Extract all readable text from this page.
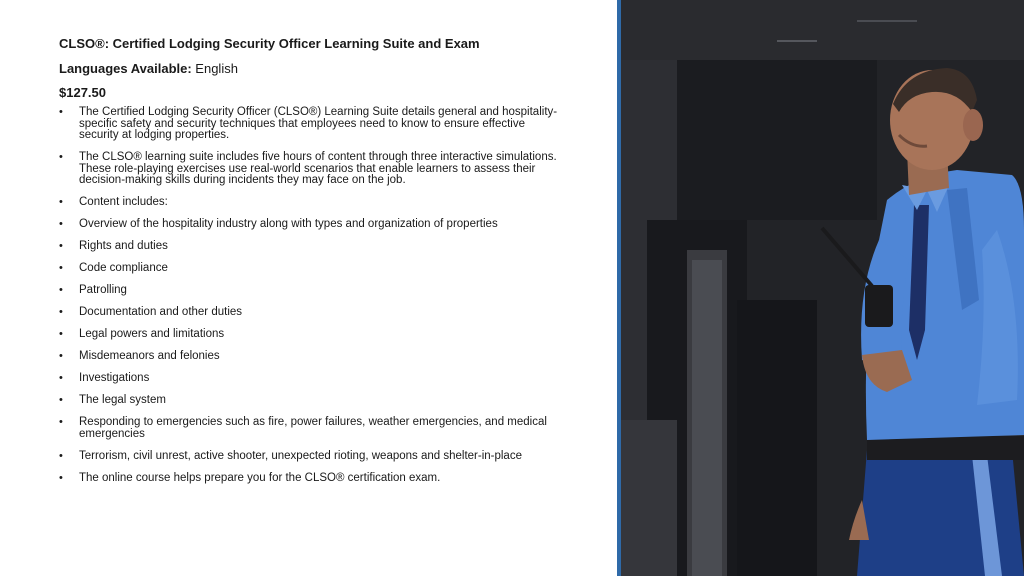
CLSO®: Certified Lodging Security Officer Learning Suite and Exam
Languages Available: English
$127.50
• The Certified Lodging Security Officer (CLSO®) Learning Suite details general and hospitality-specific safety and security techniques that employees need to know to ensure effective security at lodging properties.
• The CLSO® learning suite includes five hours of content through three interactive simulations. These role-playing exercises use real-world scenarios that enable learners to assess their decision-making skills during incidents they may face on the job.
• Content includes:
• Overview of the hospitality industry along with types and organization of properties
• Rights and duties
• Code compliance
• Patrolling
• Documentation and other duties
• Legal powers and limitations
• Misdemeanors and felonies
• Investigations
• The legal system
• Responding to emergencies such as fire, power failures, weather emergencies, and medical emergencies
• Terrorism, civil unrest, active shooter, unexpected rioting, weapons and shelter-in-place
• The online course helps prepare you for the CLSO® certification exam.
